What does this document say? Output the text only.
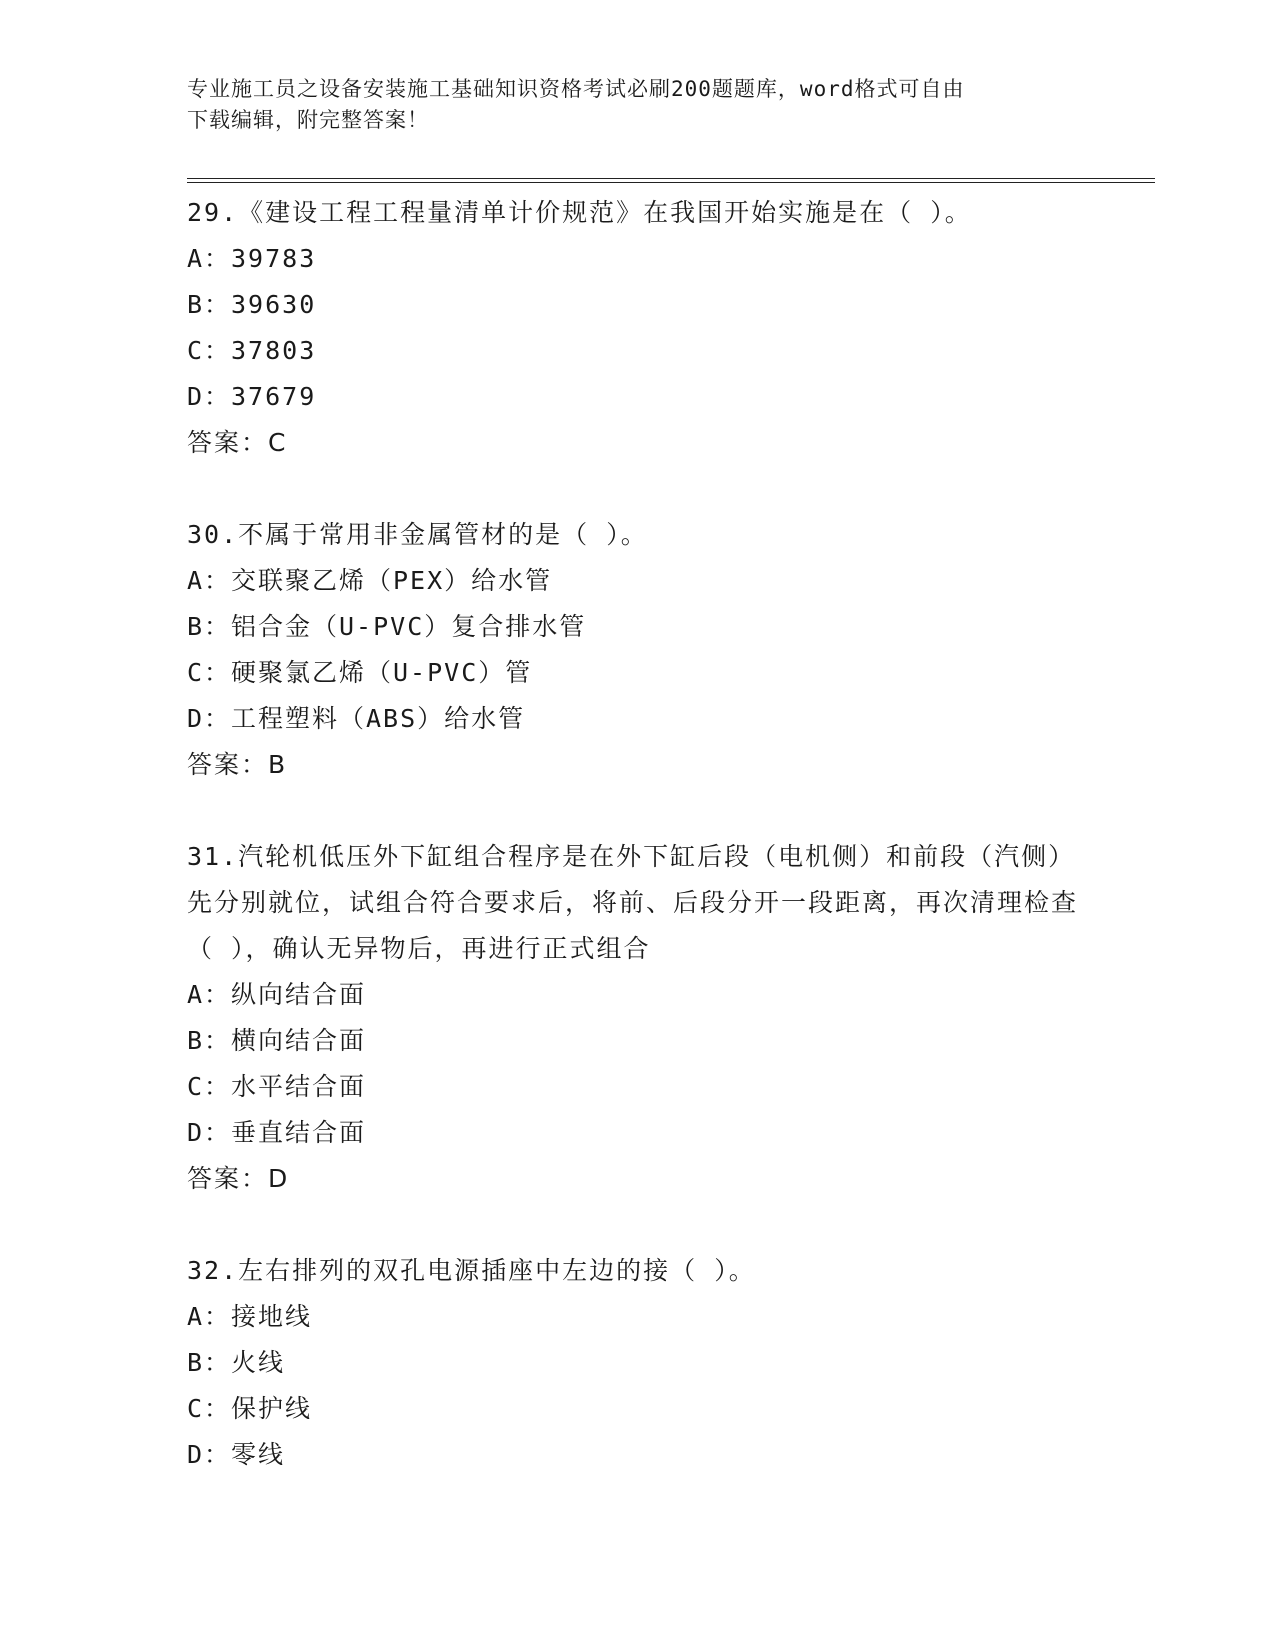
专业施工员之设备安装施工基础知识资格考试必刷200题题库，word格式可自由
下载编辑，附完整答案！

29.《建设工程工程量清单计价规范》在我国开始实施是在（ ）。

A：39783
B：39630
C：37803
D：37679
答案：C

30.不属于常用非金属管材的是（ ）。

A：交联聚乙烯（PEX）给水管
B：铝合金（U-PVC）复合排水管
C：硬聚氯乙烯（U-PVC）管
D：工程塑料（ABS）给水管
答案：B

31.汽轮机低压外下缸组合程序是在外下缸后段（电机侧）和前段（汽侧）先分别就位，试组合符合要求后，将前、后段分开一段距离，再次清理检查（ ），确认无异物后，再进行正式组合

A：纵向结合面
B：横向结合面
C：水平结合面
D：垂直结合面
答案：D

32.左右排列的双孔电源插座中左边的接（ ）。

A：接地线
B：火线
C：保护线
D：零线
